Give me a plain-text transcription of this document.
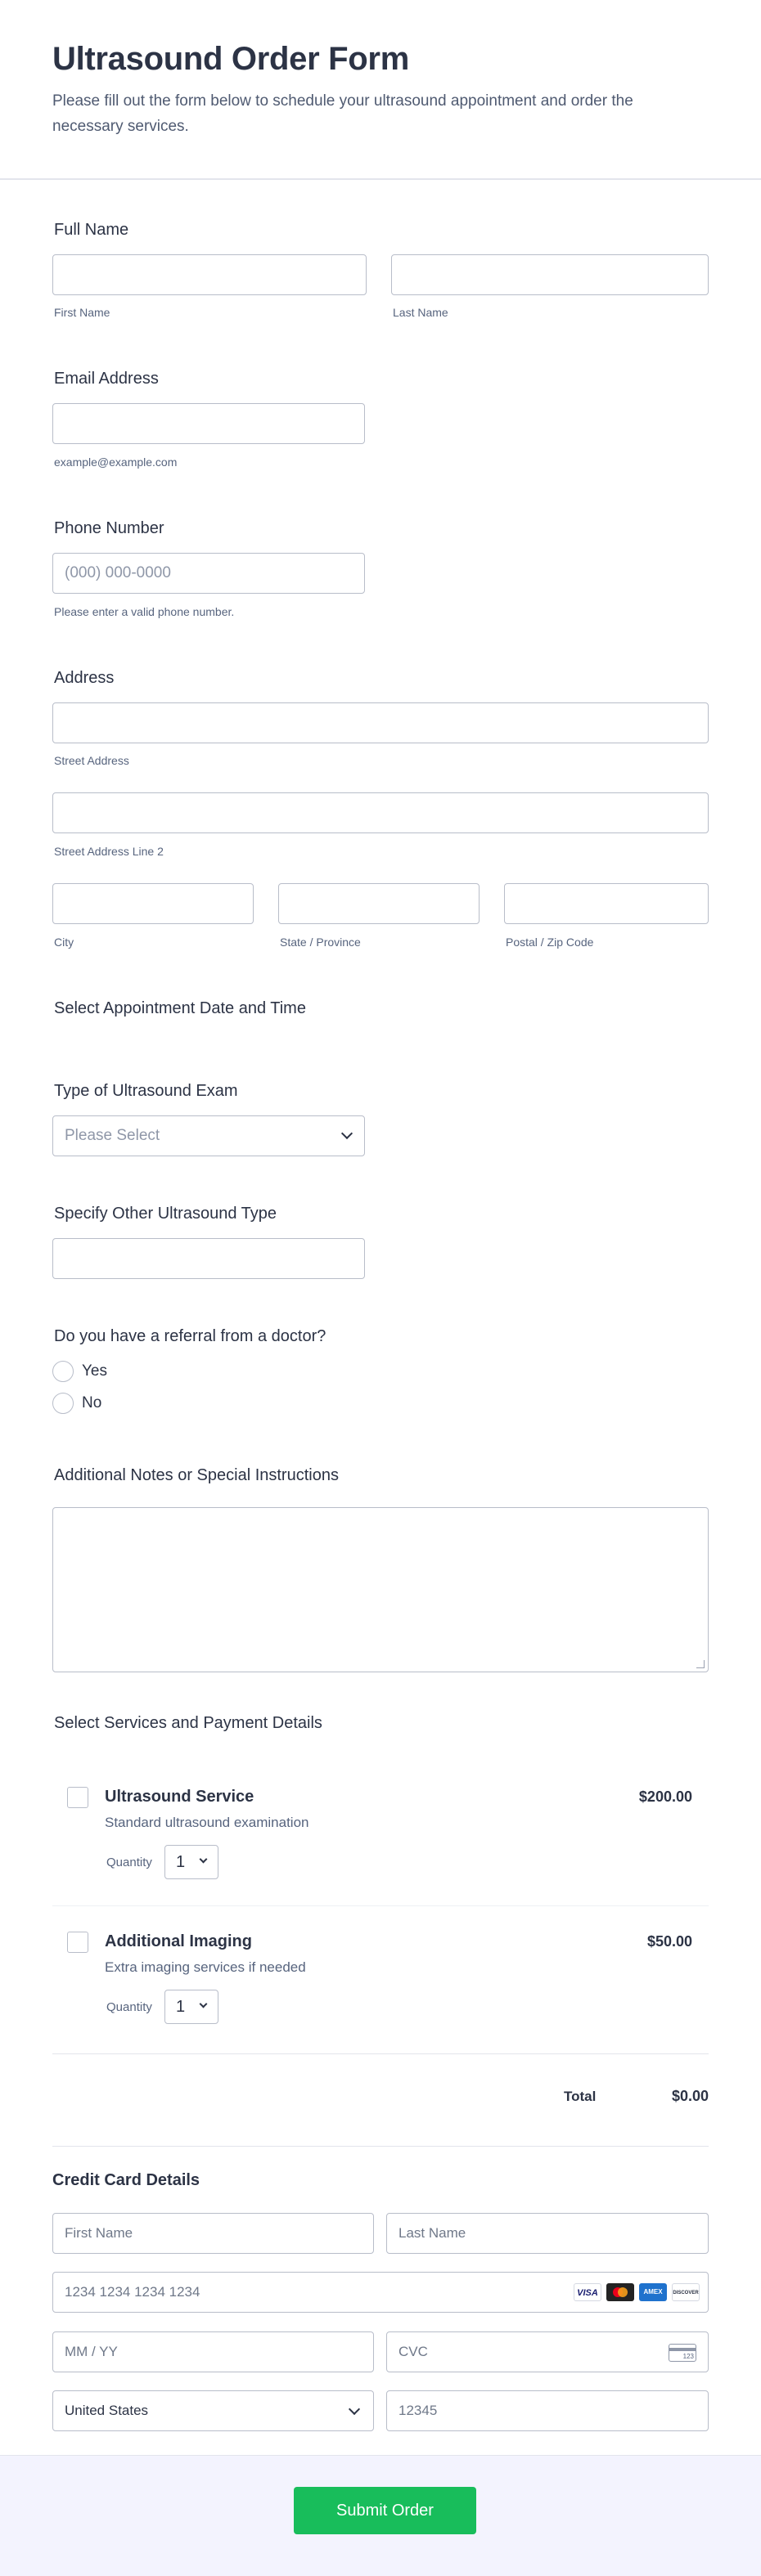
Ultrasound Order Form
Please fill out the form below to schedule your ultrasound appointment and order the necessary services.
Full Name
First Name	Last Name
Email Address
example@example.com
Phone Number
(000) 000-0000
Please enter a valid phone number.
Address
Street Address
Street Address Line 2
City	State / Province	Postal / Zip Code
Select Appointment Date and Time
Type of Ultrasound Exam
Please Select
Specify Other Ultrasound Type
Do you have a referral from a doctor?
Yes
No
Additional Notes or Special Instructions
Select Services and Payment Details
Ultrasound Service	$200.00
Standard ultrasound examination
Quantity 1
Additional Imaging	$50.00
Extra imaging services if needed
Quantity 1
Total	$0.00
Credit Card Details
First Name	Last Name
1234 1234 1234 1234	VISA	AMEX	DISCOVER
MM / YY	CVC	123
United States	12345
Submit Order
